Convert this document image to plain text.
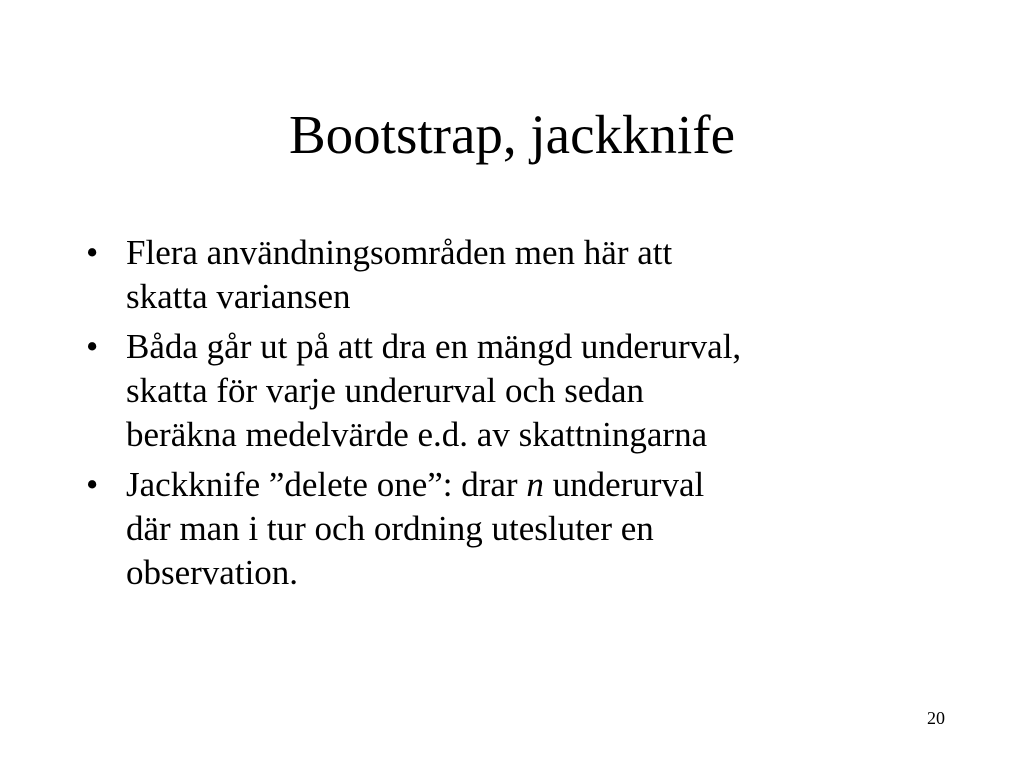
Bootstrap, jackknife
• Flera användningsområden men här att
skatta variansen
• Båda går ut på att dra en mängd underurval,
skatta för varje underurval och sedan
beräkna medelvärde e.d. av skattningarna
• Jackknife ”delete one”: drar n underurval
där man i tur och ordning utesluter en
observation.
20
